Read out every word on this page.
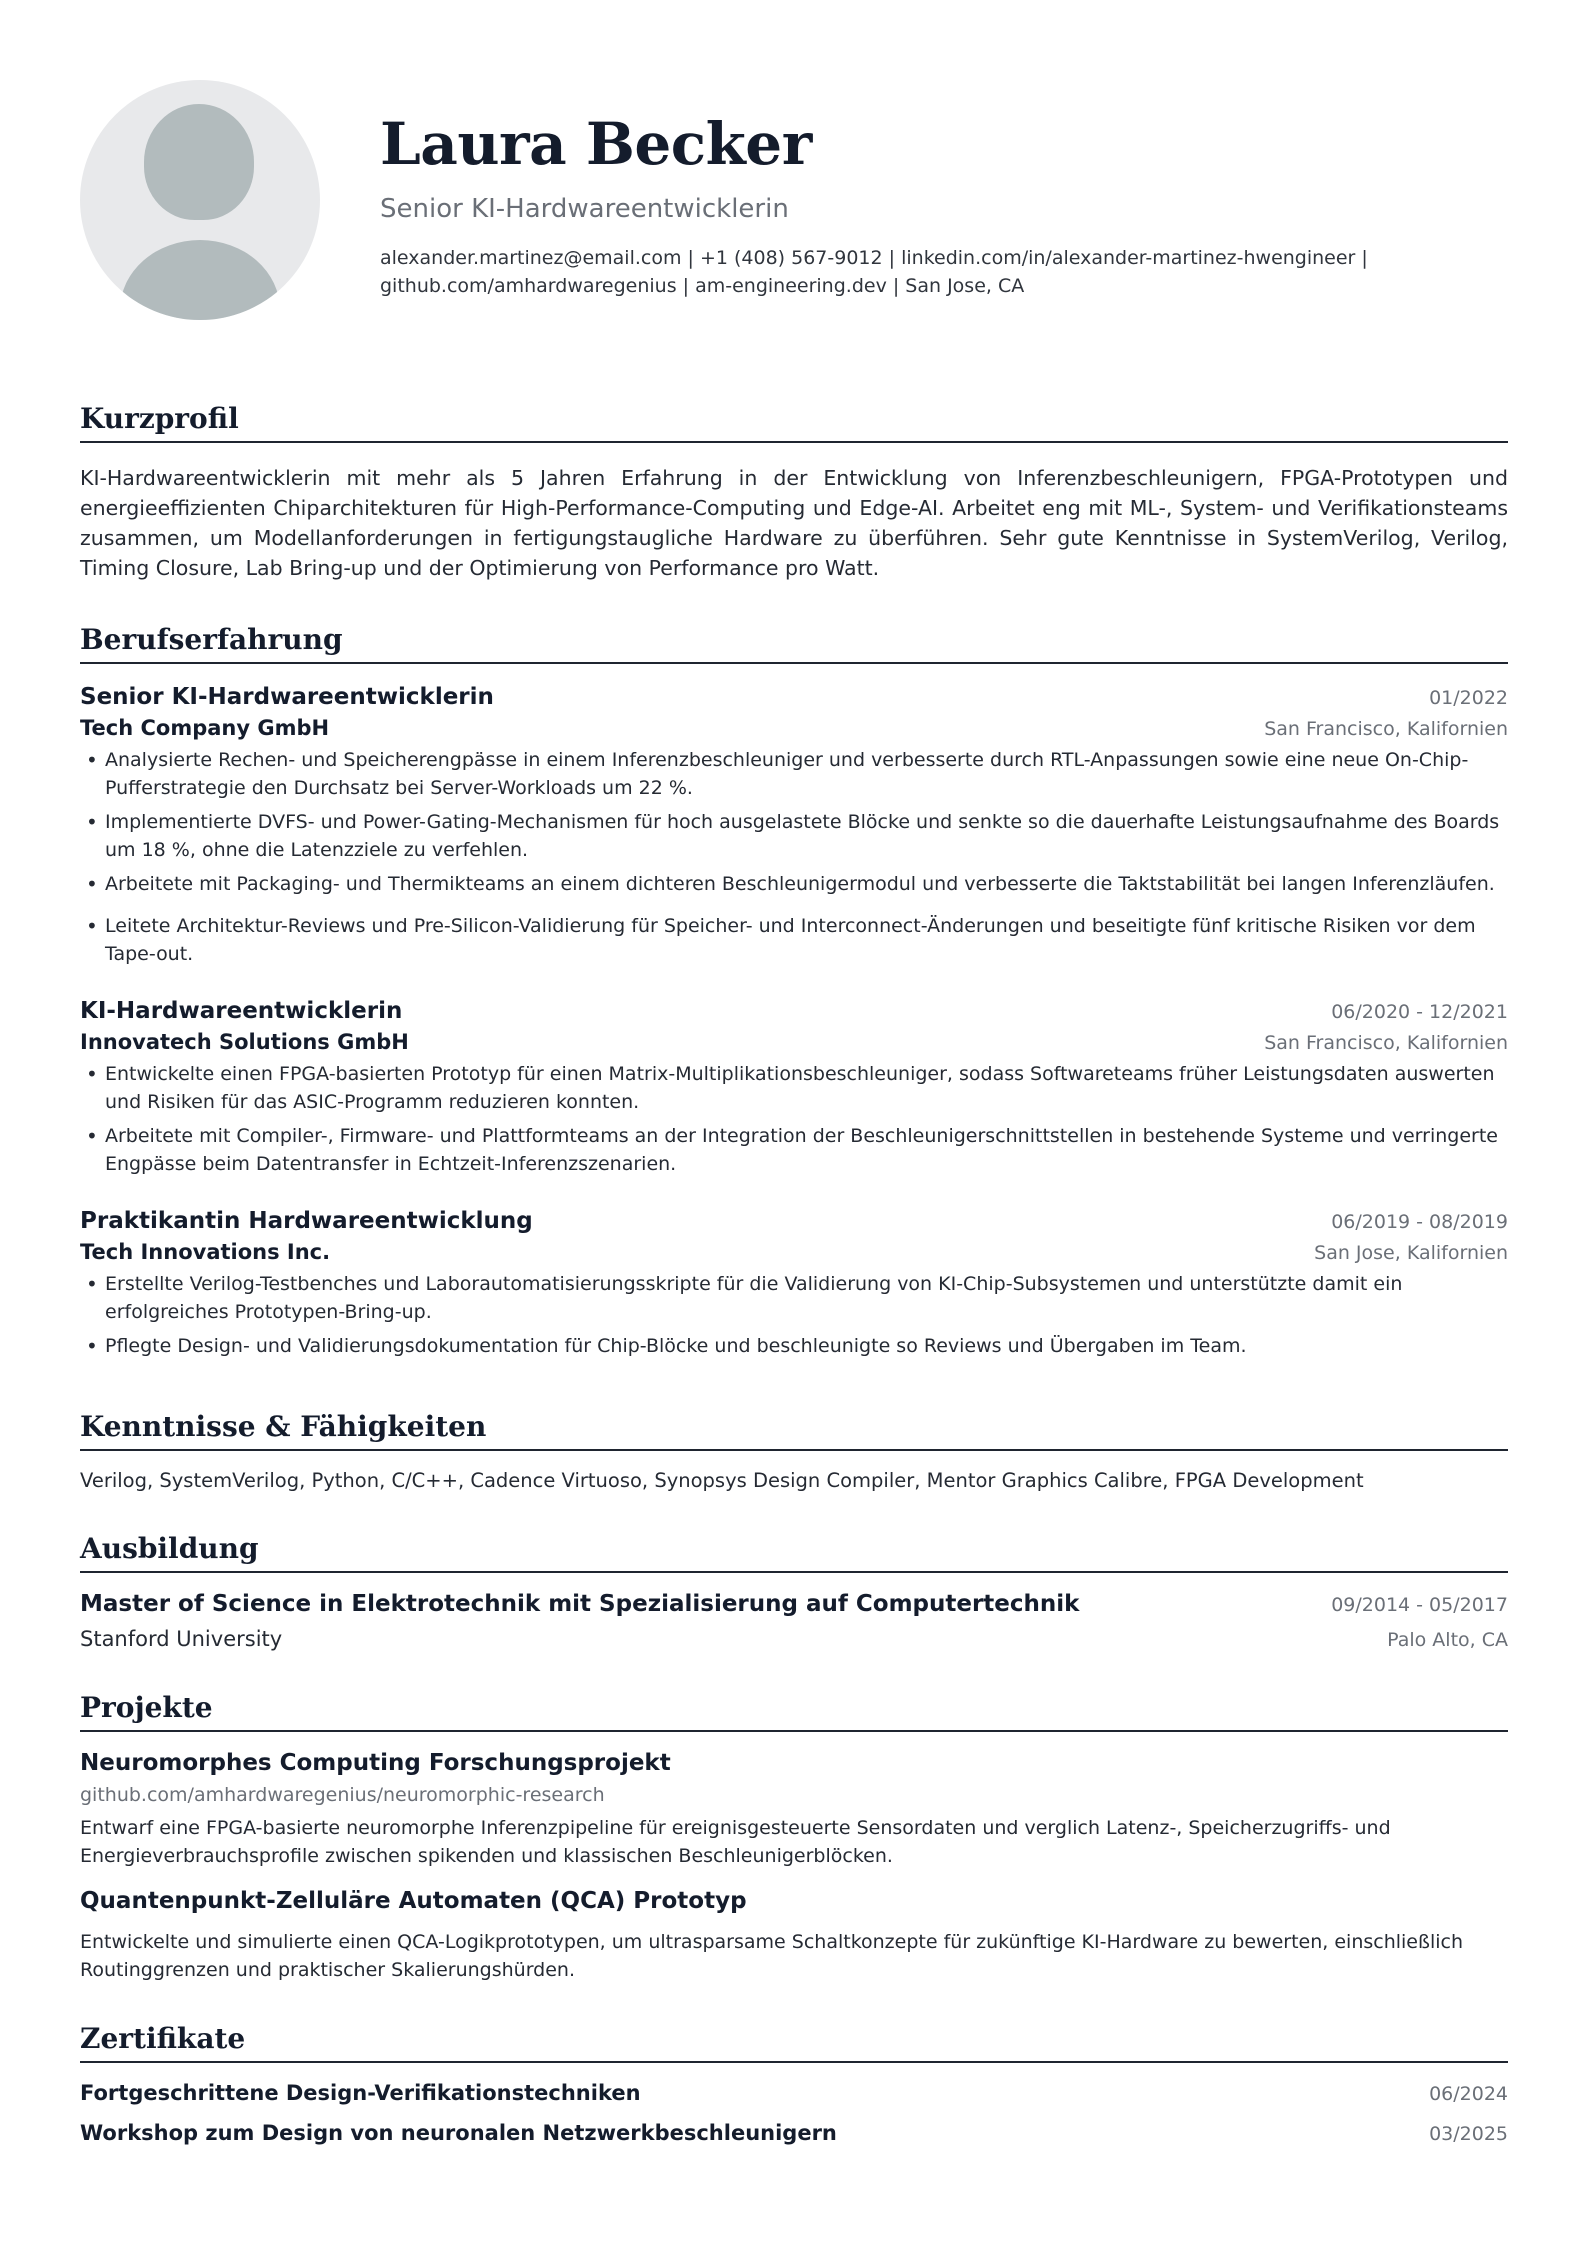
Laura Becker
Senior KI-Hardwareentwicklerin
alexander.martinez@email.com | +1 (408) 567-9012 | linkedin.com/in/alexander-martinez-hwengineer |
github.com/amhardwaregenius | am-engineering.dev | San Jose, CA
Kurzprofil
KI-Hardwareentwicklerin mit mehr als 5 Jahren Erfahrung in der Entwicklung von Inferenzbeschleunigern, FPGA-Prototypen und energieeffizienten Chiparchitekturen für High-Performance-Computing und Edge-AI. Arbeitet eng mit ML-, System- und Verifikationsteams zusammen, um Modellanforderungen in fertigungstaugliche Hardware zu überführen. Sehr gute Kenntnisse in SystemVerilog, Verilog, Timing Closure, Lab Bring-up und der Optimierung von Performance pro Watt.
Berufserfahrung
Senior KI-Hardwareentwicklerin	01/2022
Tech Company GmbH	San Francisco, Kalifornien
• Analysierte Rechen- und Speicherengpässe in einem Inferenzbeschleuniger und verbesserte durch RTL-Anpassungen sowie eine neue On-Chip-Pufferstrategie den Durchsatz bei Server-Workloads um 22 %.
• Implementierte DVFS- und Power-Gating-Mechanismen für hoch ausgelastete Blöcke und senkte so die dauerhafte Leistungsaufnahme des Boards um 18 %, ohne die Latenzziele zu verfehlen.
• Arbeitete mit Packaging- und Thermikteams an einem dichteren Beschleunigermodul und verbesserte die Taktstabilität bei langen Inferenzläufen.
• Leitete Architektur-Reviews und Pre-Silicon-Validierung für Speicher- und Interconnect-Änderungen und beseitigte fünf kritische Risiken vor dem Tape-out.
KI-Hardwareentwicklerin	06/2020 - 12/2021
Innovatech Solutions GmbH	San Francisco, Kalifornien
• Entwickelte einen FPGA-basierten Prototyp für einen Matrix-Multiplikationsbeschleuniger, sodass Softwareteams früher Leistungsdaten auswerten und Risiken für das ASIC-Programm reduzieren konnten.
• Arbeitete mit Compiler-, Firmware- und Plattformteams an der Integration der Beschleunigerschnittstellen in bestehende Systeme und verringerte Engpässe beim Datentransfer in Echtzeit-Inferenzszenarien.
Praktikantin Hardwareentwicklung	06/2019 - 08/2019
Tech Innovations Inc.	San Jose, Kalifornien
• Erstellte Verilog-Testbenches und Laborautomatisierungsskripte für die Validierung von KI-Chip-Subsystemen und unterstützte damit ein erfolgreiches Prototypen-Bring-up.
• Pflegte Design- und Validierungsdokumentation für Chip-Blöcke und beschleunigte so Reviews und Übergaben im Team.
Kenntnisse & Fähigkeiten
Verilog, SystemVerilog, Python, C/C++, Cadence Virtuoso, Synopsys Design Compiler, Mentor Graphics Calibre, FPGA Development
Ausbildung
Master of Science in Elektrotechnik mit Spezialisierung auf Computertechnik	09/2014 - 05/2017
Stanford University	Palo Alto, CA
Projekte
Neuromorphes Computing Forschungsprojekt
github.com/amhardwaregenius/neuromorphic-research
Entwarf eine FPGA-basierte neuromorphe Inferenzpipeline für ereignisgesteuerte Sensordaten und verglich Latenz-, Speicherzugriffs- und Energieverbrauchsprofile zwischen spikenden und klassischen Beschleunigerblöcken.
Quantenpunkt-Zelluläre Automaten (QCA) Prototyp
Entwickelte und simulierte einen QCA-Logikprototypen, um ultrasparsame Schaltkonzepte für zukünftige KI-Hardware zu bewerten, einschließlich Routinggrenzen und praktischer Skalierungshürden.
Zertifikate
Fortgeschrittene Design-Verifikationstechniken	06/2024
Workshop zum Design von neuronalen Netzwerkbeschleunigern	03/2025
